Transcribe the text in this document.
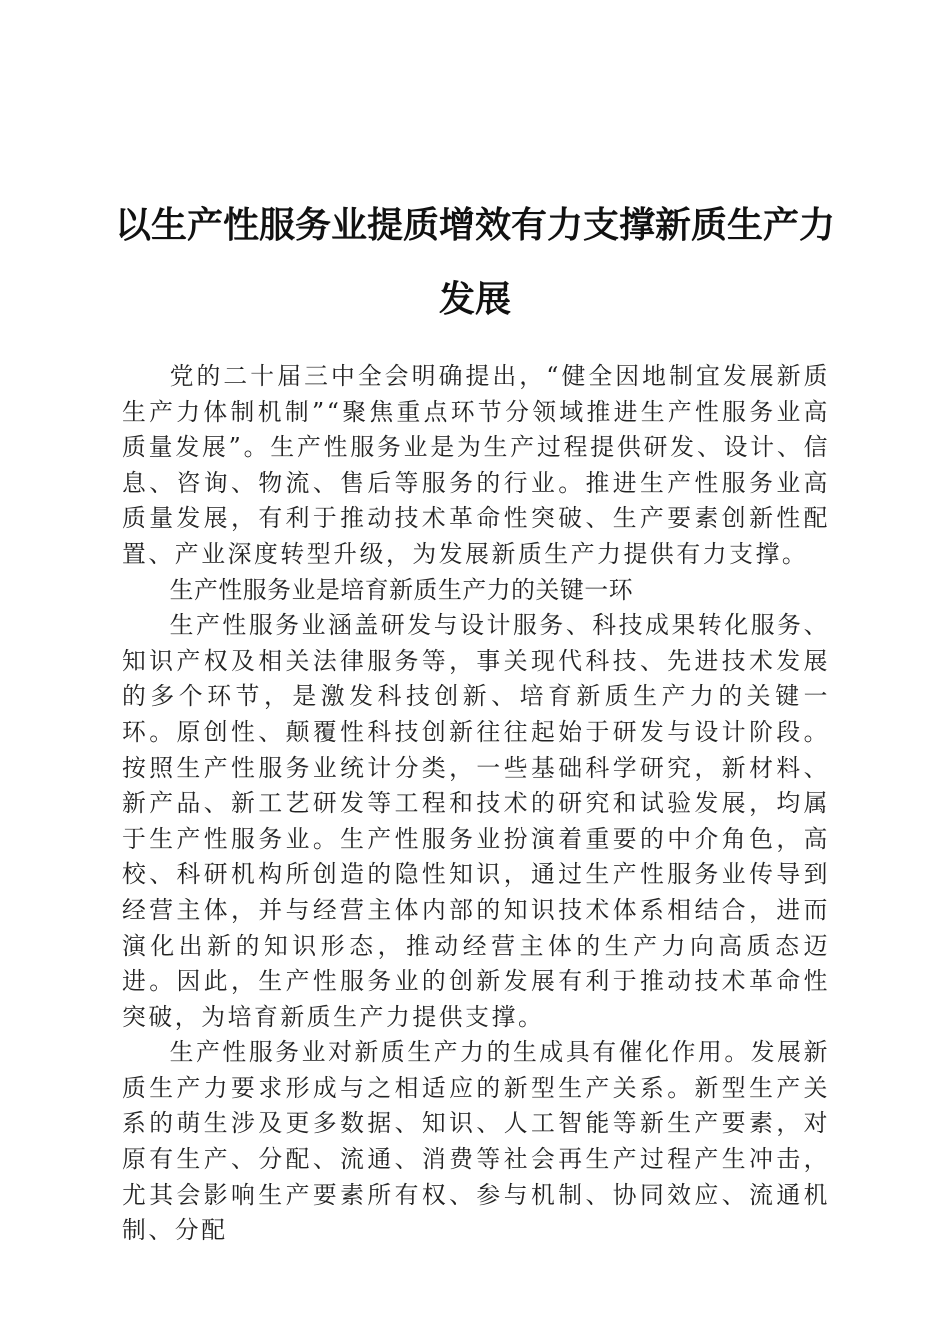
以生产性服务业提质增效有力支撑新质生产力发展

党的二十届三中全会明确提出，“健全因地制宜发展新质生产力体制机制”“聚焦重点环节分领域推进生产性服务业高质量发展”。生产性服务业是为生产过程提供研发、设计、信息、咨询、物流、售后等服务的行业。推进生产性服务业高质量发展，有利于推动技术革命性突破、生产要素创新性配置、产业深度转型升级，为发展新质生产力提供有力支撑。

生产性服务业是培育新质生产力的关键一环

生产性服务业涵盖研发与设计服务、科技成果转化服务、知识产权及相关法律服务等，事关现代科技、先进技术发展的多个环节，是激发科技创新、培育新质生产力的关键一环。原创性、颠覆性科技创新往往起始于研发与设计阶段。按照生产性服务业统计分类，一些基础科学研究，新材料、新产品、新工艺研发等工程和技术的研究和试验发展，均属于生产性服务业。生产性服务业扮演着重要的中介角色，高校、科研机构所创造的隐性知识，通过生产性服务业传导到经营主体，并与经营主体内部的知识技术体系相结合，进而演化出新的知识形态，推动经营主体的生产力向高质态迈进。因此，生产性服务业的创新发展有利于推动技术革命性突破，为培育新质生产力提供支撑。

生产性服务业对新质生产力的生成具有催化作用。发展新质生产力要求形成与之相适应的新型生产关系。新型生产关系的萌生涉及更多数据、知识、人工智能等新生产要素，对原有生产、分配、流通、消费等社会再生产过程产生冲击，尤其会影响生产要素所有权、参与机制、协同效应、流通机制、分配
